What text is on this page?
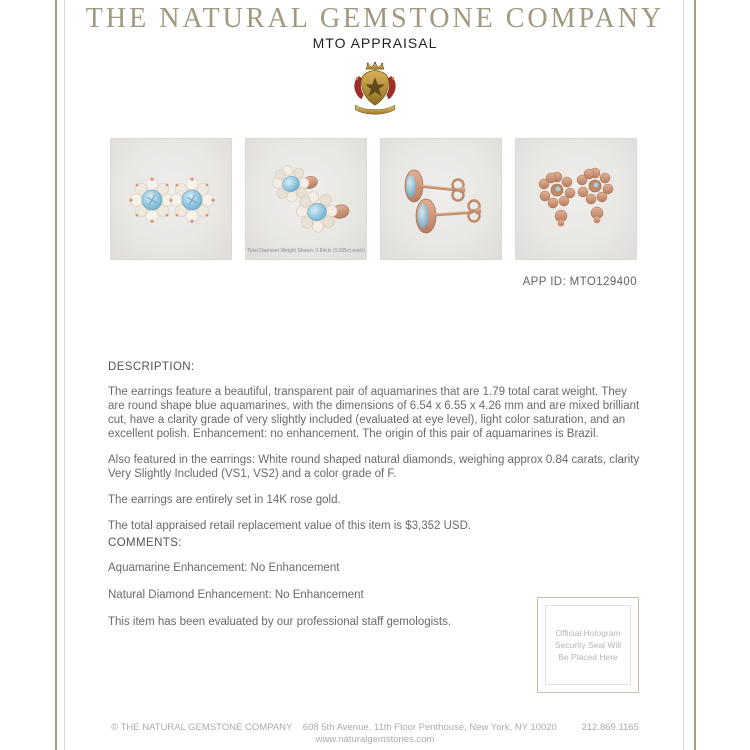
THE NATURAL GEMSTONE COMPANY
MTO APPRAISAL
Total Diamond Weight Shown: 0.84cts (0.035ct each)
APP ID: MTO129400

DESCRIPTION:

The earrings feature a beautiful, transparent pair of aquamarines that are 1.79 total carat weight. They are round shape blue aquamarines, with the dimensions of 6.54 x 6.55 x 4.26 mm and are mixed brilliant cut, have a clarity grade of very slightly included (evaluated at eye level), light color saturation, and an excellent polish. Enhancement: no enhancement. The origin of this pair of aquamarines is Brazil.

Also featured in the earrings: White round shaped natural diamonds, weighing approx 0.84 carats, clarity Very Slightly Included (VS1, VS2) and a color grade of F.

The earrings are entirely set in 14K rose gold.

The total appraised retail replacement value of this item is $3,352 USD.

COMMENTS:

Aquamarine Enhancement: No Enhancement

Natural Diamond Enhancement: No Enhancement

This item has been evaluated by our professional staff gemologists.

Official Hologram
Security Seal Will
Be Placed Here
© THE NATURAL GEMSTONE COMPANY 608 5th Avenue, 11th Floor Penthouse, New York, NY 10020	212.869.1165
www.naturalgemstones.com
